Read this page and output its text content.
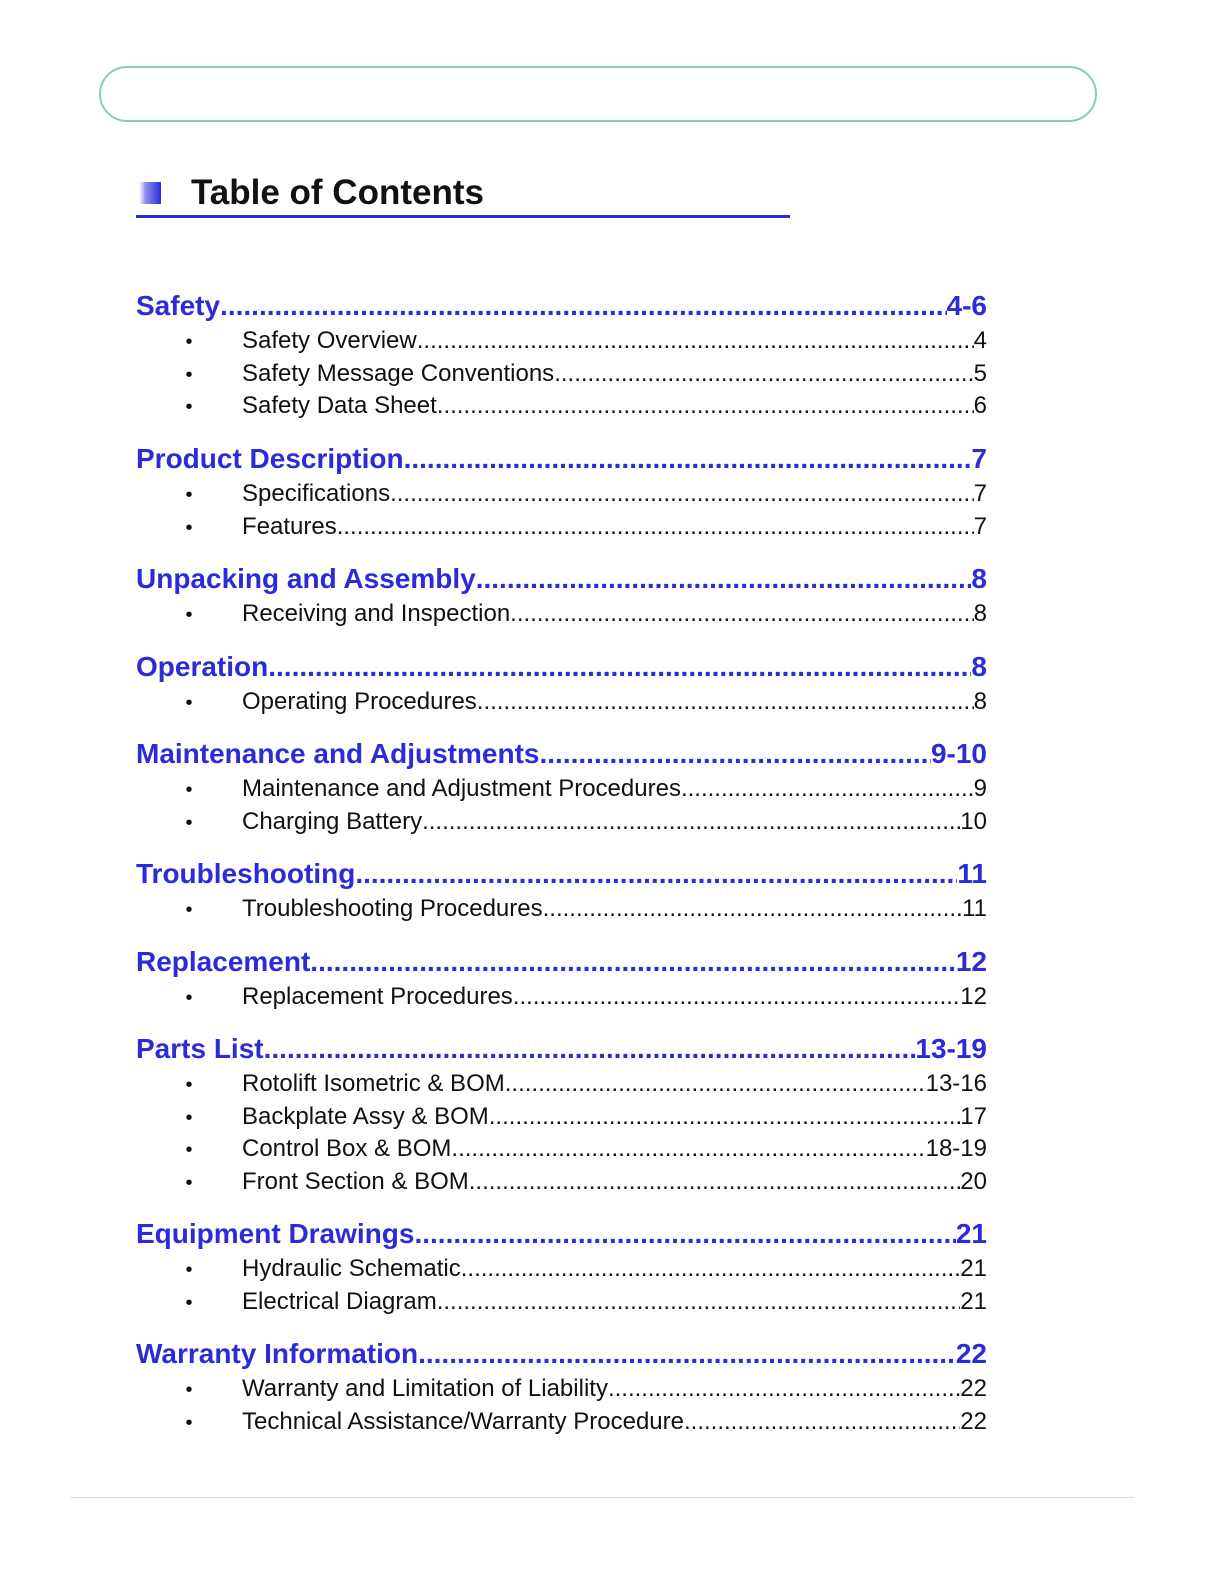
Table of Contents
Safety .....	4-6
•	Safety Overview .....	4
•	Safety Message Conventions .....	5
•	Safety Data Sheet .....	6
Product Description .....	7
•	Specifications .....	7
•	Features .....	7
Unpacking and Assembly .....	8
•	Receiving and Inspection .....	8
Operation .....	8
•	Operating Procedures .....	8
Maintenance and Adjustments .....	9-10
•	Maintenance and Adjustment Procedures .....	9
•	Charging Battery .....	10
Troubleshooting .....	11
•	Troubleshooting Procedures .....	11
Replacement .....	12
•	Replacement Procedures .....	12
Parts List .....	13-19
•	Rotolift Isometric & BOM .....	13-16
•	Backplate Assy & BOM .....	17
•	Control Box & BOM .....	18-19
•	Front Section & BOM .....	20
Equipment Drawings .....	21
•	Hydraulic Schematic .....	21
•	Electrical Diagram .....	21
Warranty Information .....	22
•	Warranty and Limitation of Liability .....	22
•	Technical Assistance/Warranty Procedure .....	22
